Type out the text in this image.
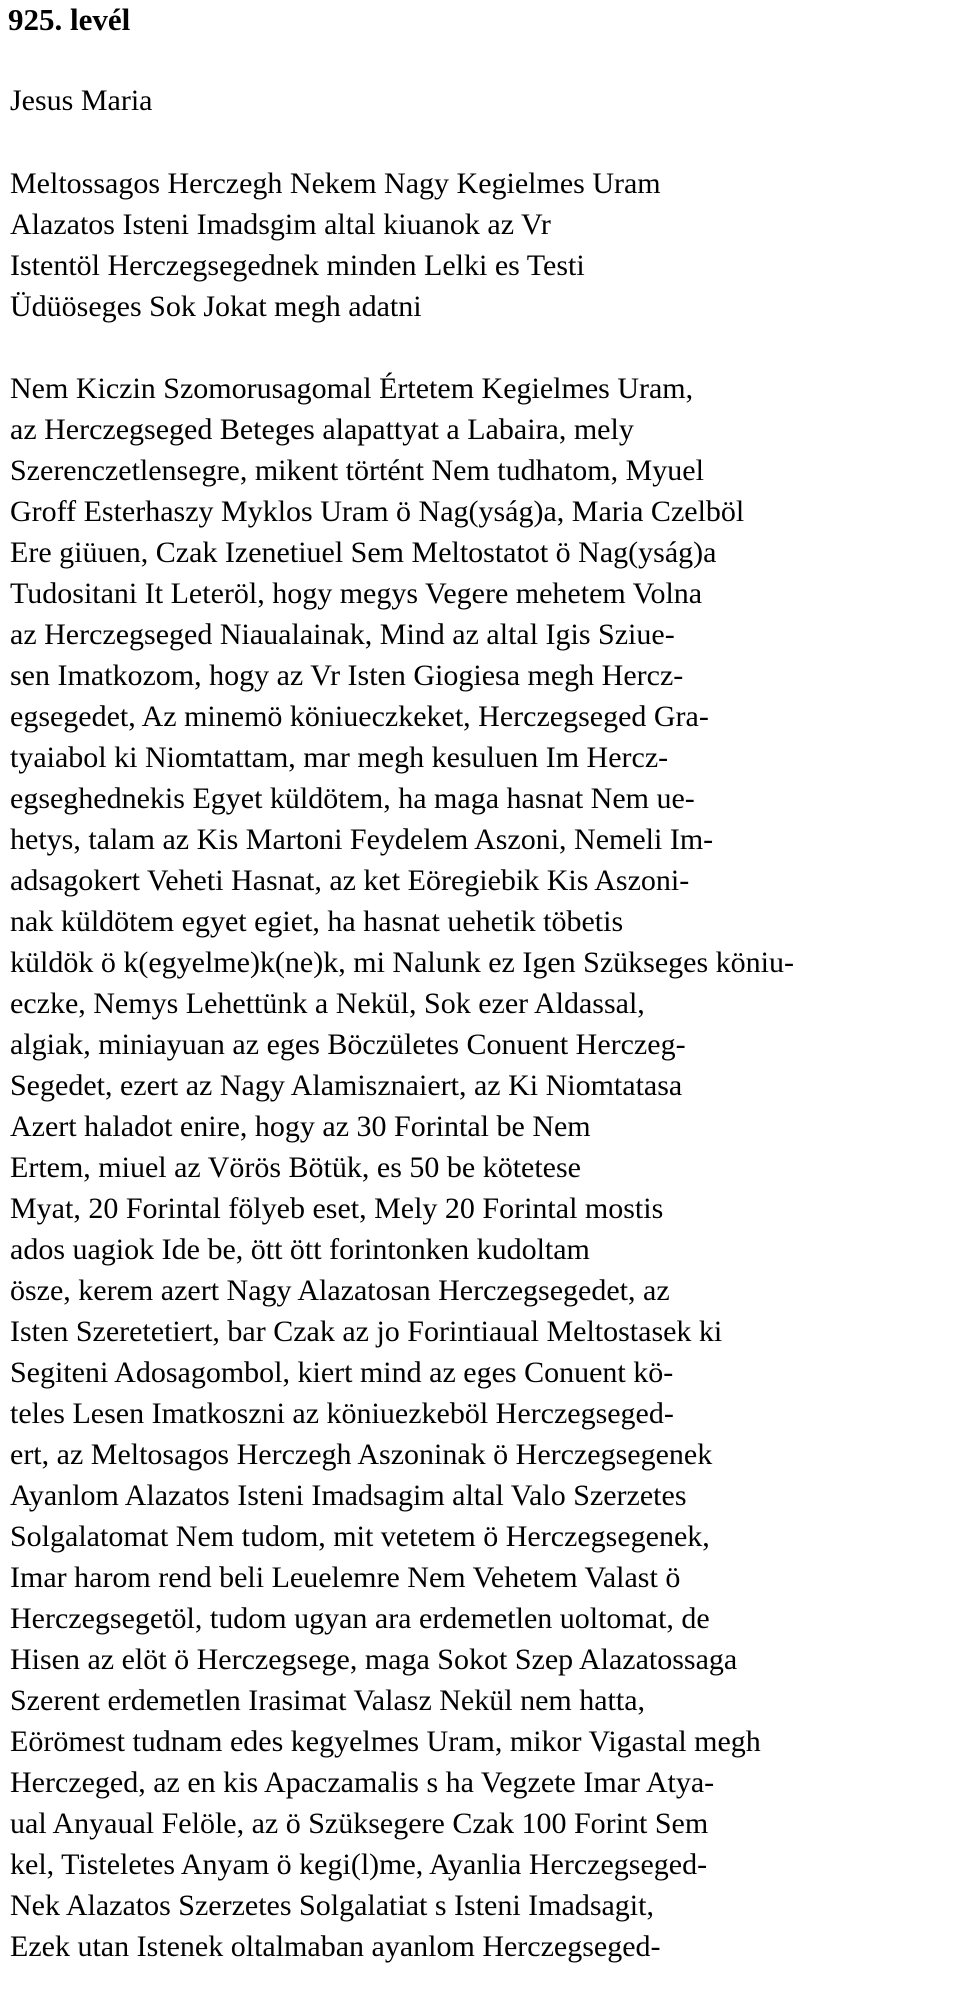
925. levél

Jesus Maria

Meltossagos Herczegh Nekem Nagy Kegielmes Uram

Alazatos Isteni Imadsgim altal kiuanok az Vr

Istentöl Herczegsegednek minden Lelki es Testi

Üdüöseges Sok Jokat megh adatni

Nem Kiczin Szomorusagomal Értetem Kegielmes Uram,

az Herczegseged Beteges alapattyat a Labaira, mely

Szerenczetlensegre, mikent történt Nem tudhatom, Myuel

Groff Esterhaszy Myklos Uram ö Nag(yság)a, Maria Czelböl

Ere giüuen, Czak Izenetiuel Sem Meltostatot ö Nag(yság)a

Tudositani It Leteröl, hogy megys Vegere mehetem Volna

az Herczegseged Niaualainak, Mind az altal Igis Sziue-

sen Imatkozom, hogy az Vr Isten Giogiesa megh Hercz-

egsegedet, Az minemö köniueczkeket, Herczegseged Gra-

tyaiabol ki Niomtattam, mar megh kesuluen Im Hercz-

egseghednekis Egyet küldötem, ha maga hasnat Nem ue-

hetys, talam az Kis Martoni Feydelem Aszoni, Nemeli Im-

adsagokert Veheti Hasnat, az ket Eöregiebik Kis Aszoni-

nak küldötem egyet egiet, ha hasnat uehetik töbetis

küldök ö k(egyelme)k(ne)k, mi Nalunk ez Igen Szükseges köniu-

eczke, Nemys Lehettünk a Nekül, Sok ezer Aldassal,

algiak, miniayuan az eges Böczületes Conuent Herczeg-

Segedet, ezert az Nagy Alamisznaiert, az Ki Niomtatasa

Azert haladot enire, hogy az 30 Forintal be Nem

Ertem, miuel az Vörös Bötük, es 50 be kötetese

Myat, 20 Forintal fölyeb eset, Mely 20 Forintal mostis

ados uagiok Ide be, ött ött forintonken kudoltam

ösze, kerem azert Nagy Alazatosan Herczegsegedet, az

Isten Szeretetiert, bar Czak az jo Forintiaual Meltostasek ki

Segiteni Adosagombol, kiert mind az eges Conuent kö-

teles Lesen Imatkoszni az köniuezkeböl Herczegseged-

ert, az Meltosagos Herczegh Aszoninak ö Herczegsegenek

Ayanlom Alazatos Isteni Imadsagim altal Valo Szerzetes

Solgalatomat Nem tudom, mit vetetem ö Herczegsegenek,

Imar harom rend beli Leuelemre Nem Vehetem Valast ö

Herczegsegetöl, tudom ugyan ara erdemetlen uoltomat, de

Hisen az elöt ö Herczegsege, maga Sokot Szep Alazatossaga

Szerent erdemetlen Irasimat Valasz Nekül nem hatta,

Eörömest tudnam edes kegyelmes Uram, mikor Vigastal megh

Herczeged, az en kis Apaczamalis s ha Vegzete Imar Atya-

ual Anyaual Felöle, az ö Szüksegere Czak 100 Forint Sem

kel, Tisteletes Anyam ö kegi(l)me, Ayanlia Herczegseged-

Nek Alazatos Szerzetes Solgalatiat s Isteni Imadsagit,

Ezek utan Istenek oltalmaban ayanlom Herczegseged-
